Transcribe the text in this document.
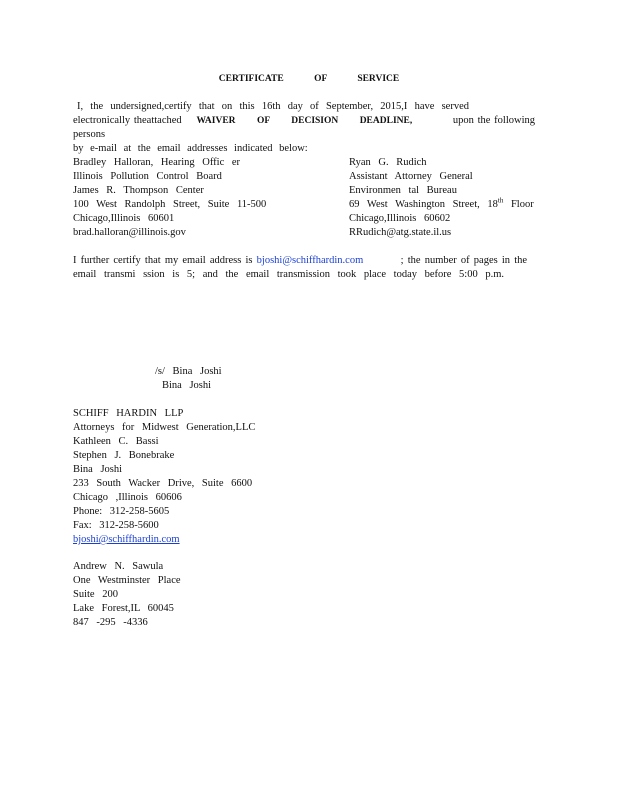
CERTIFICATE OF SERVICE
I, the undersigned,certify that on this 16th day of September, 2015,I have served
electronically theattached WAIVER OF DECISION DEADLINE,	upon the following persons
by e-mail at the email addresses indicated below:
Bradley Halloran, Hearing Offic er
Illinois Pollution Control Board
James R. Thompson Center
100 West Randolph Street, Suite 11-500
Chicago,Illinois 60601
brad.halloran@illinois.gov
Ryan G. Rudich
Assistant Attorney General
Environmen tal Bureau
69 West Washington Street, 18th Floor
Chicago,Illinois 60602
RRudich@atg.state.il.us
I further certify that my email address is bjoshi@schiffhardin.com	; the number of pages in the
email transmi ssion is 5; and the email transmission took place today before 5:00 p.m.
/s/ Bina Joshi
Bina Joshi
SCHIFF HARDIN LLP
Attorneys for Midwest Generation,LLC
Kathleen C. Bassi
Stephen J. Bonebrake
Bina Joshi
233 South Wacker Drive, Suite 6600
Chicago ,Illinois 60606
Phone: 312-258-5605
Fax: 312-258-5600
bjoshi@schiffhardin.com
Andrew N. Sawula
One Westminster Place
Suite 200
Lake Forest,IL 60045
847 -295 -4336
